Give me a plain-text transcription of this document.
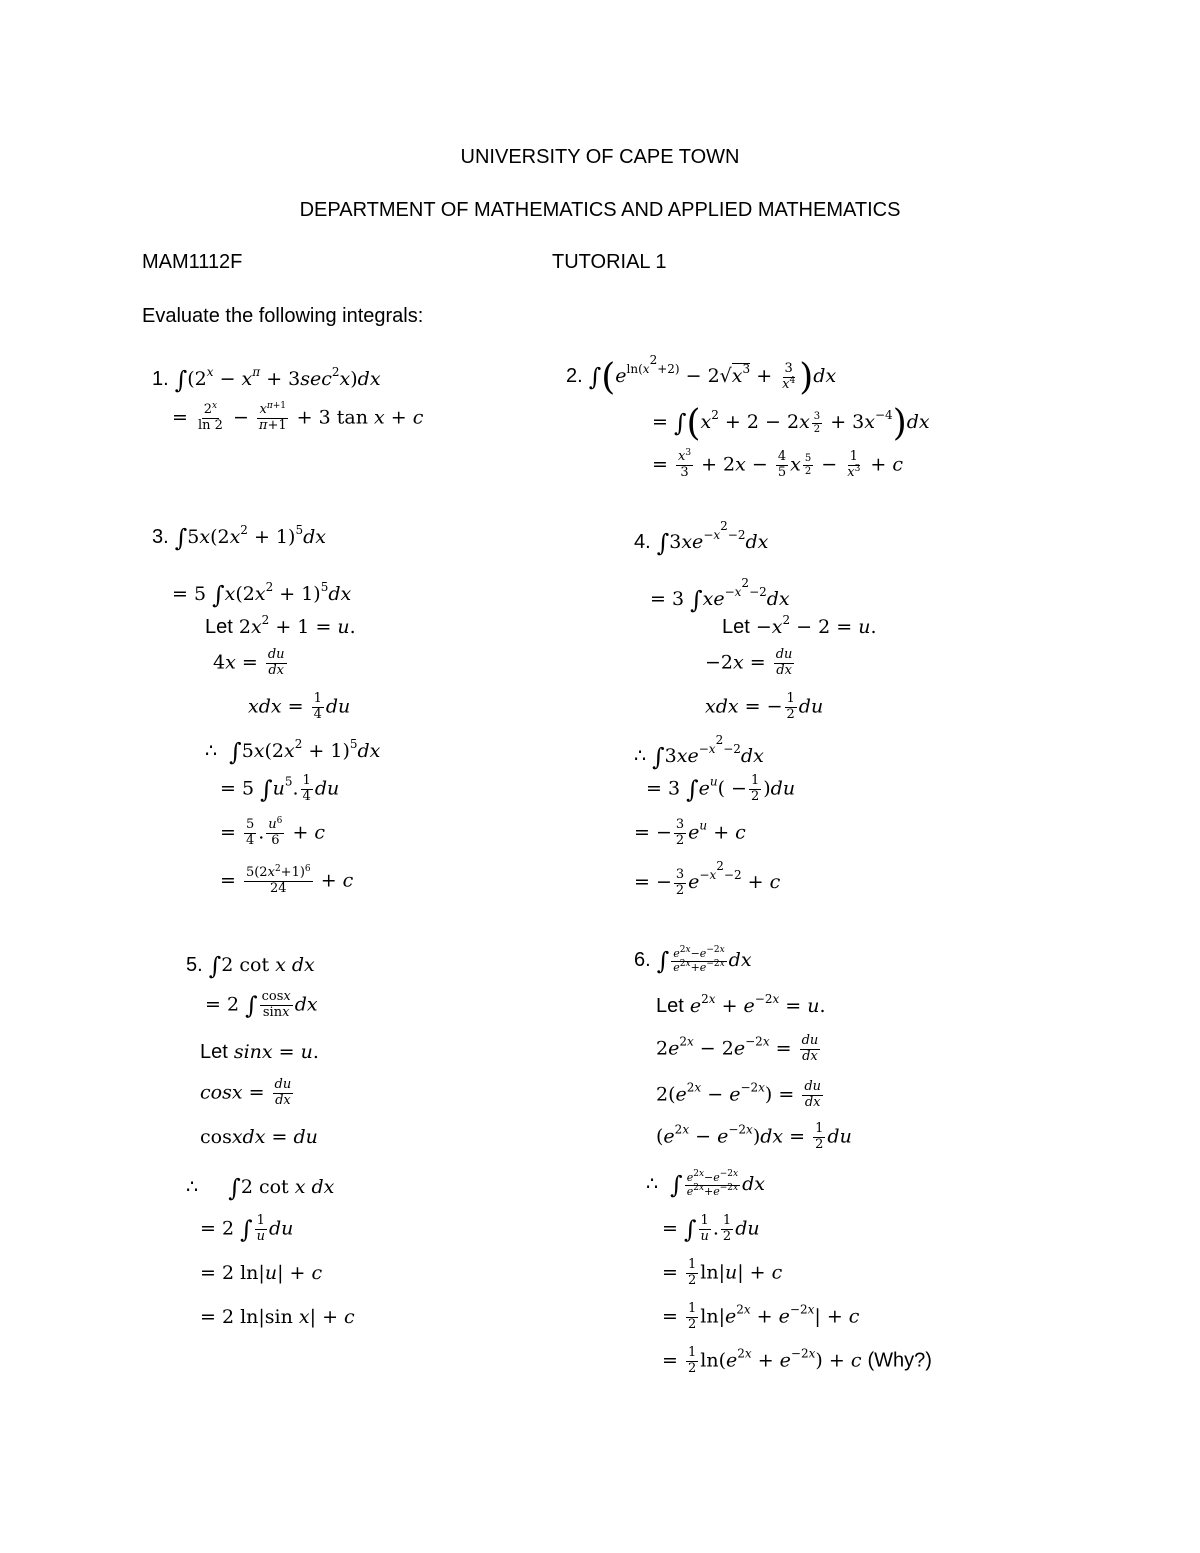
UNIVERSITY OF CAPE TOWN
DEPARTMENT OF MATHEMATICS AND APPLIED MATHEMATICS
MAM1112F	TUTORIAL 1
Evaluate the following integrals:
1. $\int(2^x - x^\pi + 3\sec^2x)dx$
= $\frac{2^x}{\ln 2} - \frac{x^{\pi+1}}{\pi+1} + 3$ tan x + c
2. $\int(e^{ln(x^2+2)} - 2√x^3 + \frac{3}{x^4} )dx$
= $\int(x^2 + 2 - 2x \frac{3}{2} + 3x^{-4})dx$
= $\frac{x^3}{3} + 2x - \frac{4}{5}$ x $\frac{5}{2} - \frac{1}{x^3} + c$
3. $\int 5x(2x^2 + 1)^5dx$
= 5 $\int x(2x^2 + 1)^5dx$
Let $2x^2 + 1 = u$.
$4x = \frac{du}{dx}$
xdx = $\frac{1}{4}$ du
∴  $\int 5x(2x^2 + 1)^5dx$
= 5 $\int u^5$. $\frac{1}{4}$ du
= $\frac{5}{4}$ . $\frac{u^6}{6} + c$
= $\frac{5(2x^2+1)^6}{24} + c$
4. $\int 3xe^{-x^2-2}dx$
= 3 $\int xe^{-x^2-2}dx$
Let $-x^2 - 2 = u$.
$-2x = \frac{du}{dx}$
xdx = − $\frac{1}{2}$ du
∴ $\int 3xe^{-x^2-2}dx$
= 3 $\int e^u( - \frac{1}{2} )du$
= − $\frac{3}{2} e^u + c$
= − $\frac{3}{2} e^{-x^2-2} + c$
5. ∫2 cot x dx
= 2 ∫ $\frac{\cos x}{\sin x}$ dx
Let sinx = u.
$\cos x = \frac{du}{dx}$
cosxdx = du
∴     ∫2 cot x dx
= 2 ∫ $\frac{1}{u}$ du
= 2 ln|u| + c
= 2 ln|sin x| + c
6. ∫ $\frac{e^{2x}-e^{-2x}}{e^{2x}+e^{-2x}}$ dx
Let $e^{2x} + e^{-2x} = u$.
$2e^{2x} - 2e^{-2x} = \frac{du}{dx}$
$2(e^{2x} - e^{-2x}) = \frac{du}{dx}$
$(e^{2x} - e^{-2x})dx = \frac{1}{2}$ du
∴  ∫ $\frac{e^{2x}-e^{-2x}}{e^{2x}+e^{-2x}}$ dx
= ∫ $\frac{1}{u}$ . $\frac{1}{2}$ du
= $\frac{1}{2} \ln|u| + c$
= $\frac{1}{2} \ln|e^{2x} + e^{-2x}| + c$
= $\frac{1}{2} \ln(e^{2x} + e^{-2x}) + c$ (Why?)
